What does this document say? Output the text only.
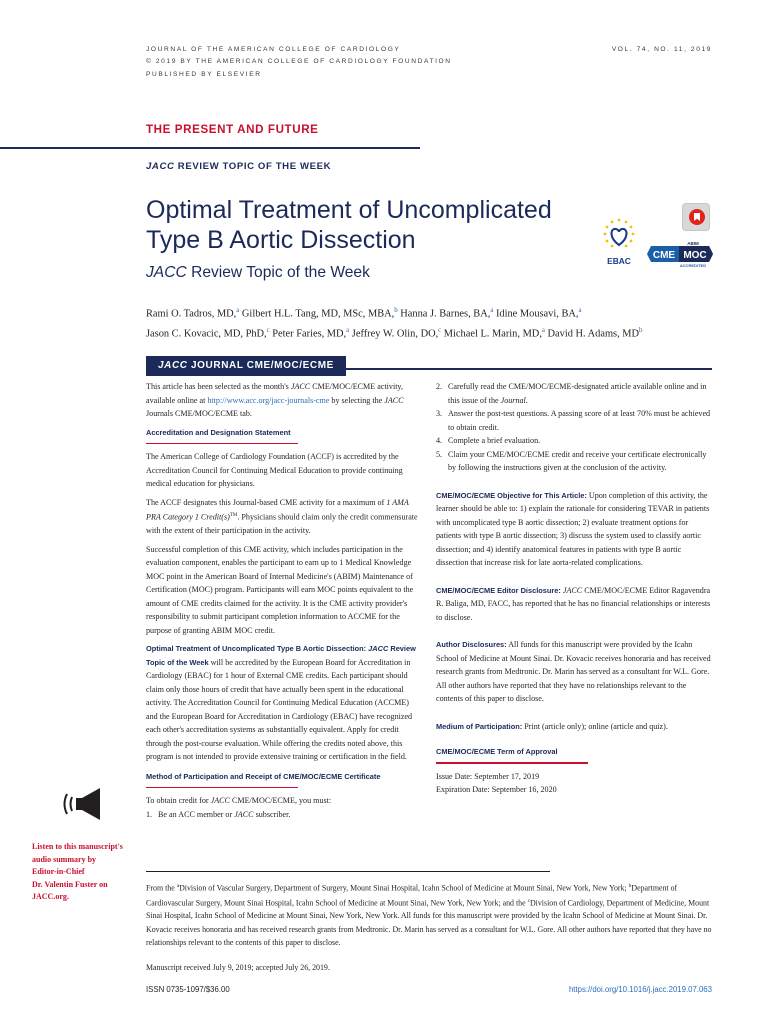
JOURNAL OF THE AMERICAN COLLEGE OF CARDIOLOGY
© 2019 BY THE AMERICAN COLLEGE OF CARDIOLOGY FOUNDATION
PUBLISHED BY ELSEVIER
VOL. 74, NO. 11, 2019
THE PRESENT AND FUTURE
JACC REVIEW TOPIC OF THE WEEK
Optimal Treatment of Uncomplicated
Type B Aortic Dissection
JACC Review Topic of the Week
EBAC
ABIM
CME MOC
ACCREDITED
Rami O. Tadros, MD,$^a$ Gilbert H.L. Tang, MD, MSc, MBA,$^b$ Hanna J. Barnes, BA,$^a$ Idine Mousavi, BA,$^a$
Jason C. Kovacic, MD, PhD,$^c$ Peter Faries, MD,$^a$ Jeffrey W. Olin, DO,$^c$ Michael L. Marin, MD,$^a$ David H. Adams, $MD^b$
JACC JOURNAL CME/MOC/ECME

This article has been selected as the month's JACC CME/MOC/ECME activity, available online at http://www.acc.org/jacc-journals-cme by selecting the JACC Journals CME/MOC/ECME tab.

Accreditation and Designation Statement

The American College of Cardiology Foundation (ACCF) is accredited by the Accreditation Council for Continuing Medical Education to provide continuing medical education for physicians.

The ACCF designates this Journal-based CME activity for a maximum of 1 AMA PRA Category 1 Credit(s)™. Physicians should claim only the credit commensurate with the extent of their participation in the activity.

Successful completion of this CME activity, which includes participation in the evaluation component, enables the participant to earn up to 1 Medical Knowledge MOC point in the American Board of Internal Medicine's (ABIM) Maintenance of Certification (MOC) program. Participants will earn MOC points equivalent to the amount of CME credits claimed for the activity. It is the CME activity provider's responsibility to submit participant completion information to ACCME for the purpose of granting ABIM MOC credit.

Optimal Treatment of Uncomplicated Type B Aortic Dissection: JACC Review Topic of the Week will be accredited by the European Board for Accreditation in Cardiology (EBAC) for 1 hour of External CME credits. Each participant should claim only those hours of credit that have actually been spent in the educational activity. The Accreditation Council for Continuing Medical Education (ACCME) and the European Board for Accreditation in Cardiology (EBAC) have recognized each other's accreditation systems as substantially equivalent. Apply for credit through the post-course evaluation. While offering the credits noted above, this program is not intended to provide extensive training or certification in the field.

Method of Participation and Receipt of CME/MOC/ECME Certificate

To obtain credit for JACC CME/MOC/ECME, you must:

1. Be an ACC member or JACC subscriber.
2. Carefully read the CME/MOC/ECME-designated article available online and in this issue of the Journal.
3. Answer the post-test questions. A passing score of at least 70% must be achieved to obtain credit.
4. Complete a brief evaluation.
5. Claim your CME/MOC/ECME credit and receive your certificate electronically by following the instructions given at the conclusion of the activity.

CME/MOC/ECME Objective for This Article: Upon completion of this activity, the learner should be able to: 1) explain the rationale for considering TEVAR in patients with uncomplicated type B aortic dissection; 2) evaluate treatment options for patients with type B aortic dissection; 3) discuss the system used to classify aortic dissection; and 4) identify anatomical features in patients with type B aortic dissection that increase risk for late aorta-related complications.

CME/MOC/ECME Editor Disclosure: JACC CME/MOC/ECME Editor Ragavendra R. Baliga, MD, FACC, has reported that he has no financial relationships or interests to disclose.

Author Disclosures: All funds for this manuscript were provided by the Icahn School of Medicine at Mount Sinai. Dr. Kovacic receives honoraria and has received research grants from Medtronic. Dr. Marin has served as a consultant for W.L. Gore. All other authors have reported that they have no relationships relevant to the contents of this paper to disclose.

Medium of Participation: Print (article only); online (article and quiz).

CME/MOC/ECME Term of Approval
Issue Date: September 17, 2019
Expiration Date: September 16, 2020
Listen to this manuscript's
audio summary by
Editor-in-Chief
Dr. Valentin Fuster on
JACC.org.
From the $^a$Division of Vascular Surgery, Department of Surgery, Mount Sinai Hospital, Icahn School of Medicine at Mount Sinai, New York, New York; $^b$Department of Cardiovascular Surgery, Mount Sinai Hospital, Icahn School of Medicine at Mount Sinai, New York, New York; and the $^c$Division of Cardiology, Department of Medicine, Mount Sinai Hospital, Icahn School of Medicine at Mount Sinai, New York, New York. All funds for this manuscript were provided by the Icahn School of Medicine at Mount Sinai. Dr. Kovacic receives honoraria and has received research grants from Medtronic. Dr. Marin has served as a consultant for W.L. Gore. All other authors have reported that they have no relationships relevant to the contents of this paper to disclose.
Manuscript received July 9, 2019; accepted July 26, 2019.
ISSN 0735-1097/$36.00	https://doi.org/10.1016/j.jacc.2019.07.063
